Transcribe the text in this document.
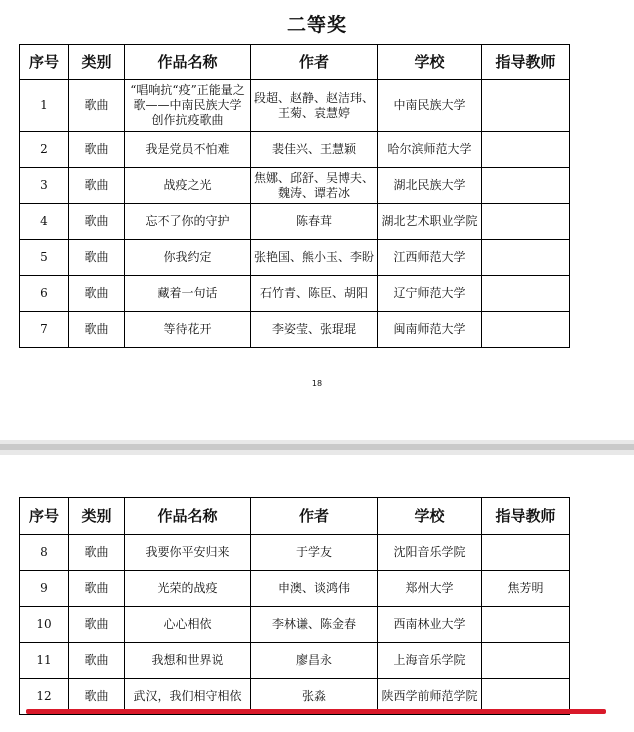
二等奖
序号	类别	作品名称	作者	学校	指导教师
1	歌曲	“唱响抗“疫”正能量之歌——中南民族大学创作抗疫歌曲	段超、赵静、赵洁玮、王菊、袁慧婷	中南民族大学	
2	歌曲	我是党员不怕难	裴佳兴、王慧颖	哈尔滨师范大学	
3	歌曲	战疫之光	焦娜、邱舒、吴博夫、魏涛、谭若冰	湖北民族大学	
4	歌曲	忘不了你的守护	陈春茸	湖北艺术职业学院	
5	歌曲	你我约定	张艳国、熊小玉、李盼	江西师范大学	
6	歌曲	藏着一句话	石竹青、陈臣、胡阳	辽宁师范大学	
7	歌曲	等待花开	李姿莹、张琨琨	闽南师范大学	
18
序号	类别	作品名称	作者	学校	指导教师
8	歌曲	我要你平安归来	于学友	沈阳音乐学院	
9	歌曲	光荣的战疫	申澳、谈鸿伟	郑州大学	焦芳明
10	歌曲	心心相依	李林谦、陈金春	西南林业大学	
11	歌曲	我想和世界说	廖昌永	上海音乐学院	
12	歌曲	武汉，我们相守相依	张淼	陕西学前师范学院	
